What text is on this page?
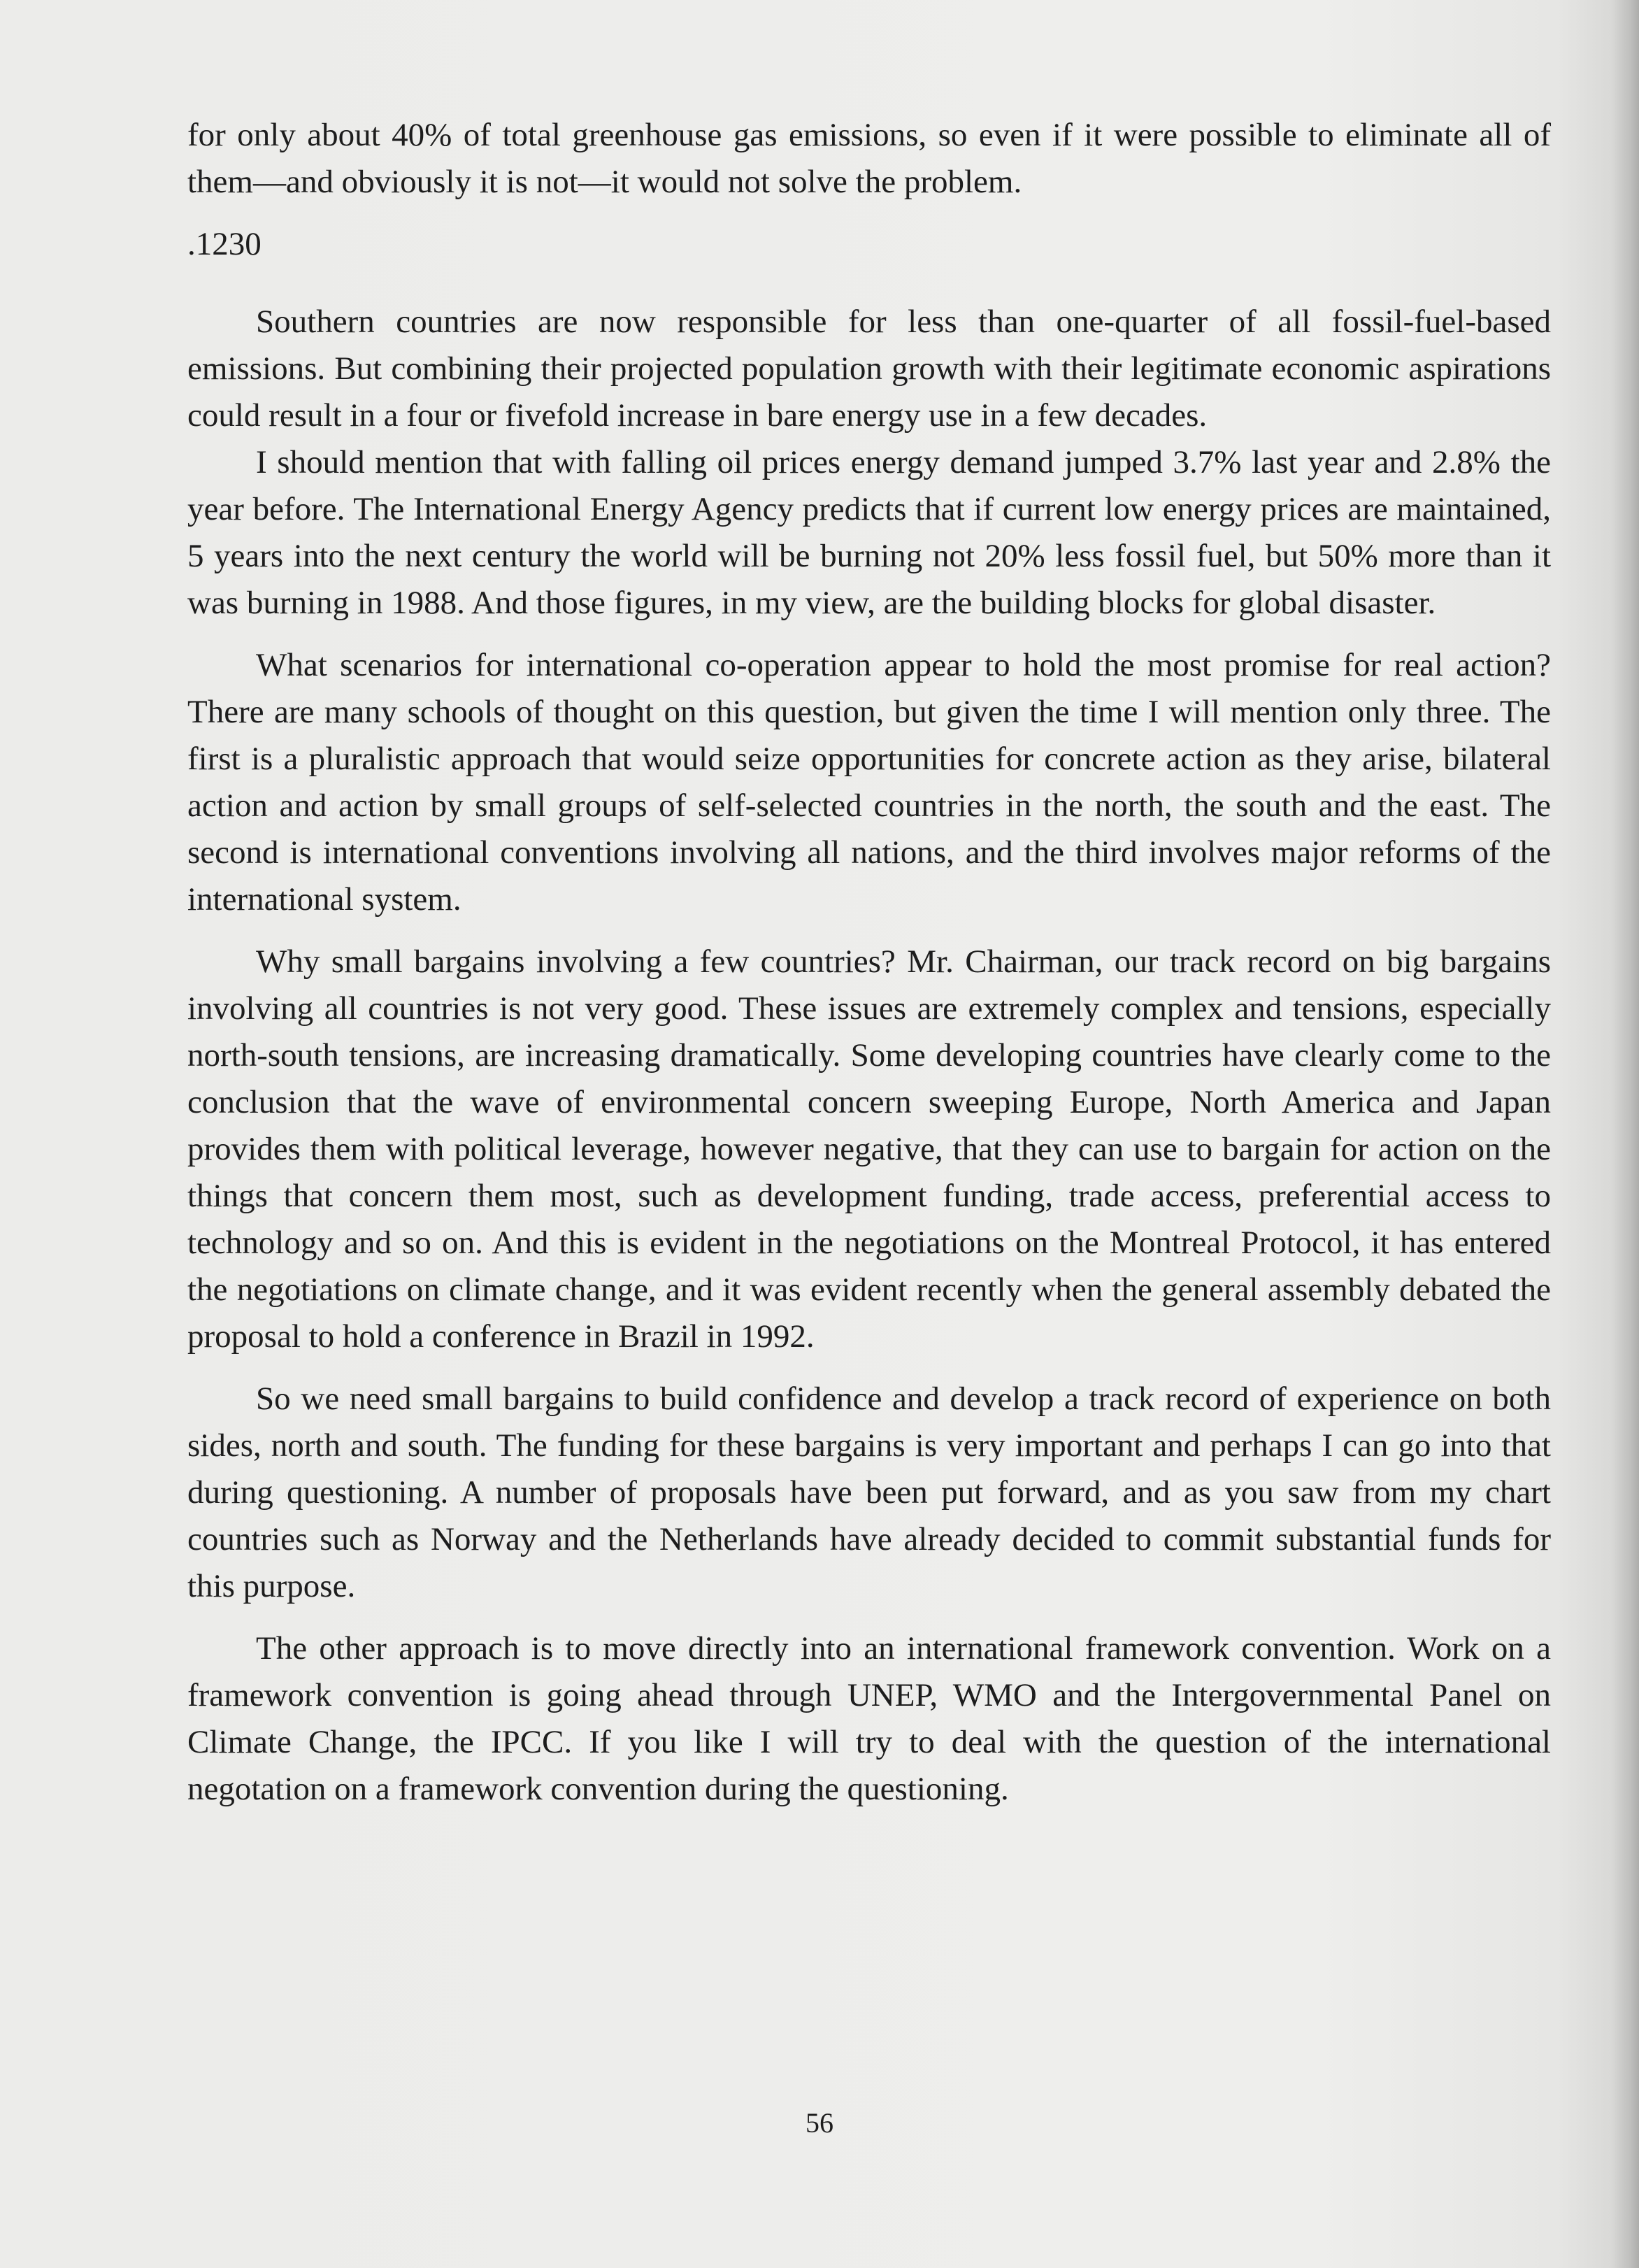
for only about 40% of total greenhouse gas emissions, so even if it were possible to eliminate all of them—and obviously it is not—it would not solve the problem.

.1230

Southern countries are now responsible for less than one-quarter of all fossil-fuel-based emissions. But combining their projected population growth with their legitimate economic aspirations could result in a four or fivefold increase in bare energy use in a few decades.

I should mention that with falling oil prices energy demand jumped 3.7% last year and 2.8% the year before. The International Energy Agency predicts that if current low energy prices are maintained, 5 years into the next century the world will be burning not 20% less fossil fuel, but 50% more than it was burning in 1988. And those figures, in my view, are the building blocks for global disaster.

What scenarios for international co-operation appear to hold the most promise for real action? There are many schools of thought on this question, but given the time I will mention only three. The first is a pluralistic approach that would seize opportunities for concrete action as they arise, bilateral action and action by small groups of self-selected countries in the north, the south and the east. The second is international conventions involving all nations, and the third involves major reforms of the international system.

Why small bargains involving a few countries? Mr. Chairman, our track record on big bargains involving all countries is not very good. These issues are extremely complex and tensions, especially north-south tensions, are increasing dramatically. Some developing countries have clearly come to the conclusion that the wave of environmental concern sweeping Europe, North America and Japan provides them with political leverage, however negative, that they can use to bargain for action on the things that concern them most, such as development funding, trade access, preferential access to technology and so on. And this is evident in the negotiations on the Montreal Protocol, it has entered the negotiations on climate change, and it was evident recently when the general assembly debated the proposal to hold a conference in Brazil in 1992.

So we need small bargains to build confidence and develop a track record of experience on both sides, north and south. The funding for these bargains is very important and perhaps I can go into that during questioning. A number of proposals have been put forward, and as you saw from my chart countries such as Norway and the Netherlands have already decided to commit substantial funds for this purpose.

The other approach is to move directly into an international framework convention. Work on a framework convention is going ahead through UNEP, WMO and the Intergovernmental Panel on Climate Change, the IPCC. If you like I will try to deal with the question of the international negotation on a framework convention during the questioning.

56
